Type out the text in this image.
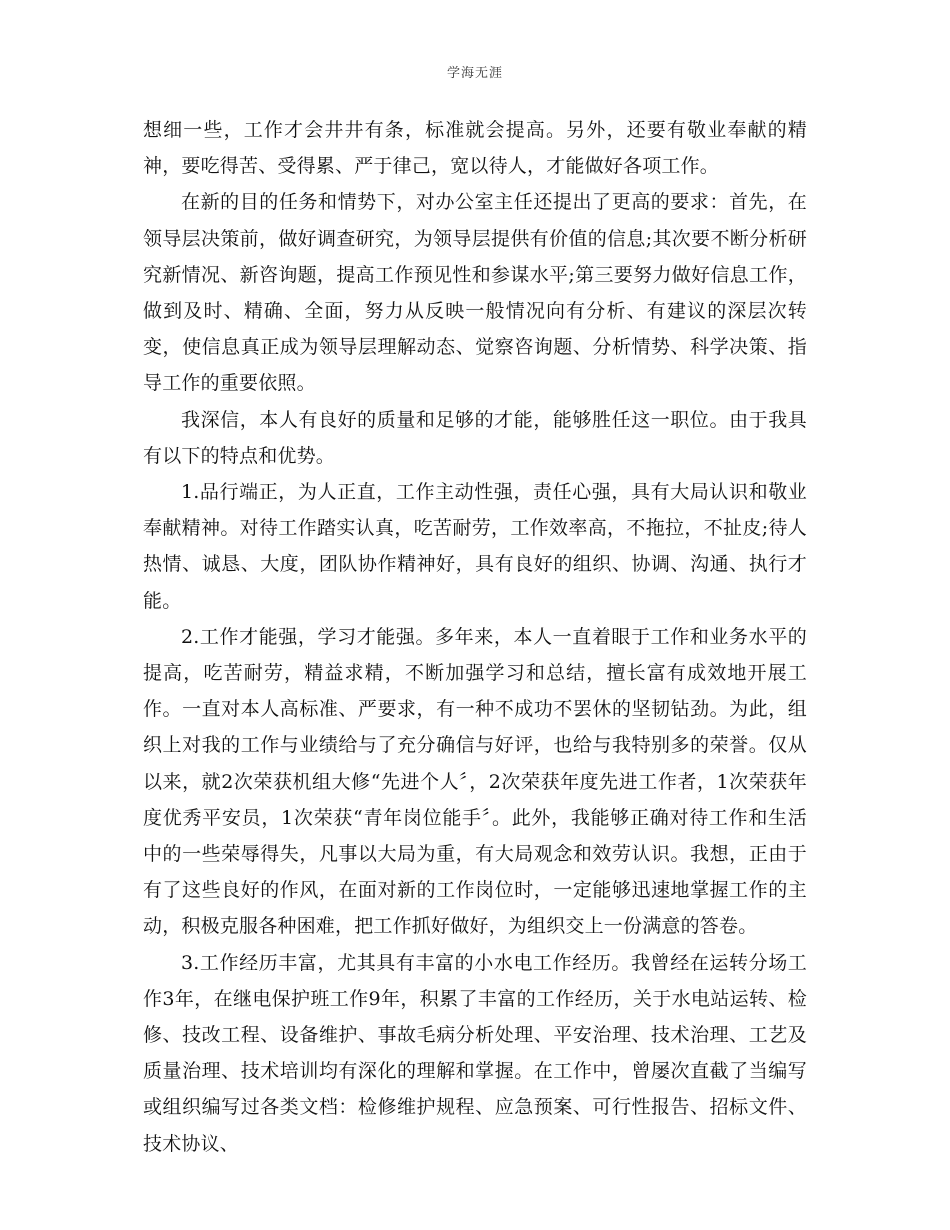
学海无涯

想细一些，工作才会井井有条，标准就会提高。另外，还要有敬业奉献的精神，要吃得苦、受得累、严于律己，宽以待人，才能做好各项工作。

在新的目的任务和情势下，对办公室主任还提出了更高的要求：首先，在领导层决策前，做好调查研究，为领导层提供有价值的信息;其次要不断分析研究新情况、新咨询题，提高工作预见性和参谋水平;第三要努力做好信息工作，做到及时、精确、全面，努力从反映一般情况向有分析、有建议的深层次转变，使信息真正成为领导层理解动态、觉察咨询题、分析情势、科学决策、指导工作的重要依照。

我深信，本人有良好的质量和足够的才能，能够胜任这一职位。由于我具有以下的特点和优势。

1.品行端正，为人正直，工作主动性强，责任心强，具有大局认识和敬业奉献精神。对待工作踏实认真，吃苦耐劳，工作效率高，不拖拉，不扯皮;待人热情、诚恳、大度，团队协作精神好，具有良好的组织、协调、沟通、执行才能。

2.工作才能强，学习才能强。多年来，本人一直着眼于工作和业务水平的提高，吃苦耐劳，精益求精，不断加强学习和总结，擅长富有成效地开展工作。一直对本人高标准、严要求，有一种不成功不罢休的坚韧钻劲。为此，组织上对我的工作与业绩给与了充分确信与好评，也给与我特别多的荣誉。仅从以来，就2次荣获机组大修“先进个人〞，2次荣获年度先进工作者，1次荣获年度优秀平安员，1次荣获“青年岗位能手〞。此外，我能够正确对待工作和生活中的一些荣辱得失，凡事以大局为重，有大局观念和效劳认识。我想，正由于有了这些良好的作风，在面对新的工作岗位时，一定能够迅速地掌握工作的主动，积极克服各种困难，把工作抓好做好，为组织交上一份满意的答卷。

3.工作经历丰富，尤其具有丰富的小水电工作经历。我曾经在运转分场工作3年，在继电保护班工作9年，积累了丰富的工作经历，关于水电站运转、检修、技改工程、设备维护、事故毛病分析处理、平安治理、技术治理、工艺及质量治理、技术培训均有深化的理解和掌握。在工作中，曾屡次直截了当编写或组织编写过各类文档：检修维护规程、应急预案、可行性报告、招标文件、技术协议、
